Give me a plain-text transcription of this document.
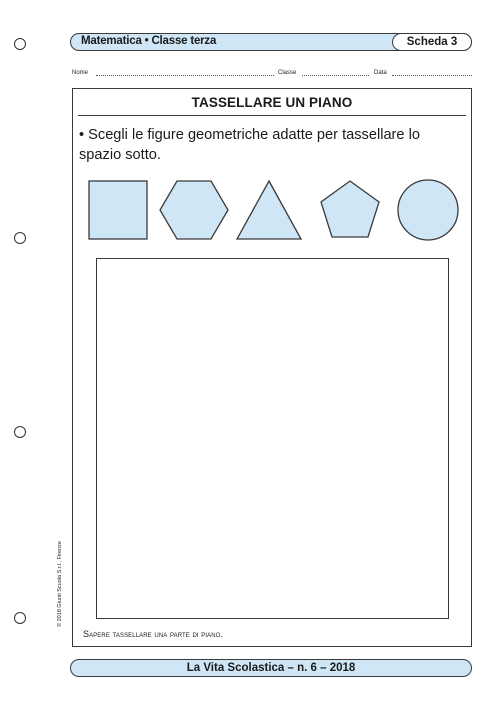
Matematica • Classe terza	Scheda 3
Nome	Classe	Data
TASSELLARE UN PIANO
• Scegli le figure geometriche adatte per tassellare lo spazio sotto.
Sapere tassellare una parte di piano.
© 2018 Giunti Scuola S.r.l., Firenze
La Vita Scolastica – n. 6 – 2018
